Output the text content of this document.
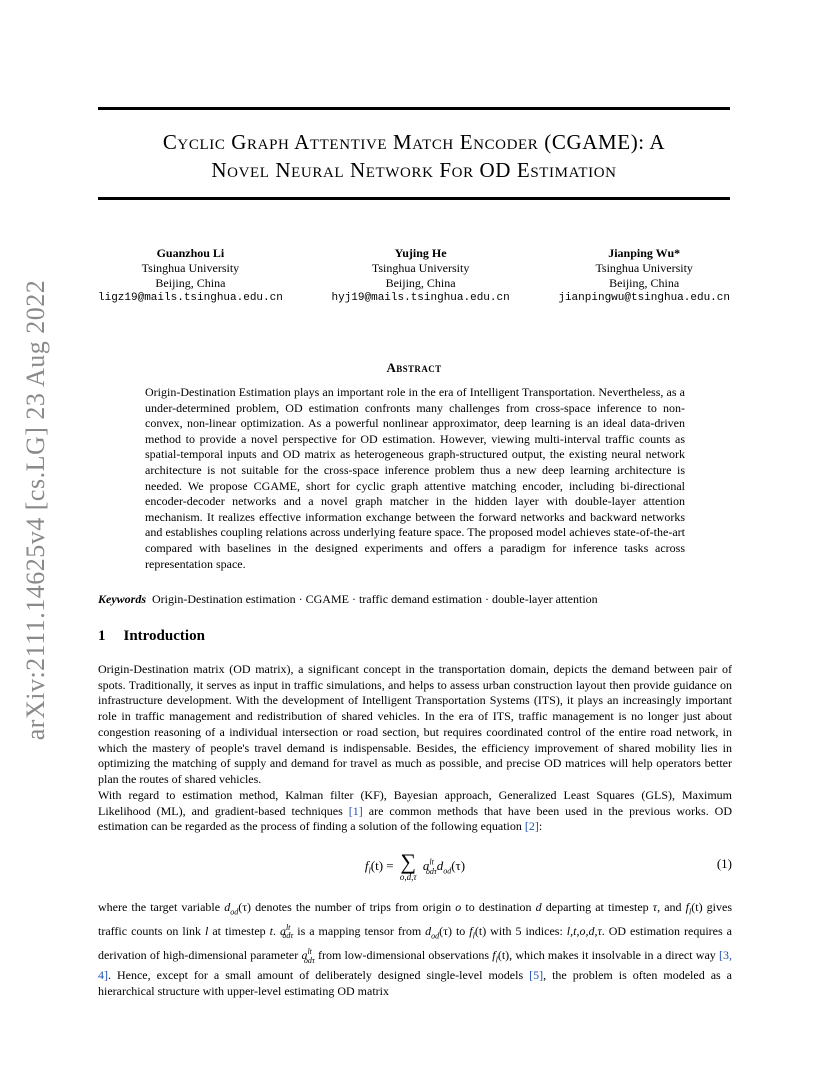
arXiv:2111.14625v4 [cs.LG] 23 Aug 2022
Cyclic Graph Attentive Match Encoder (CGAME): A
Novel Neural Network For OD Estimation
Guanzhou Li
Tsinghua University
Beijing, China
ligz19@mails.tsinghua.edu.cn
Yujing He
Tsinghua University
Beijing, China
hyj19@mails.tsinghua.edu.cn
Jianping Wu*
Tsinghua University
Beijing, China
jianpingwu@tsinghua.edu.cn
Abstract
Origin-Destination Estimation plays an important role in the era of Intelligent Transportation. Nevertheless, as a under-determined problem, OD estimation confronts many challenges from cross-space inference to non-convex, non-linear optimization. As a powerful nonlinear approximator, deep learning is an ideal data-driven method to provide a novel perspective for OD estimation. However, viewing multi-interval traffic counts as spatial-temporal inputs and OD matrix as heterogeneous graph-structured output, the existing neural network architecture is not suitable for the cross-space inference problem thus a new deep learning architecture is needed. We propose CGAME, short for cyclic graph attentive matching encoder, including bi-directional encoder-decoder networks and a novel graph matcher in the hidden layer with double-layer attention mechanism. It realizes effective information exchange between the forward networks and backward networks and establishes coupling relations across underlying feature space. The proposed model achieves state-of-the-art compared with baselines in the designed experiments and offers a paradigm for inference tasks across representation space.
Keywords Origin-Destination estimation · CGAME · traffic demand estimation · double-layer attention
1 Introduction
Origin-Destination matrix (OD matrix), a significant concept in the transportation domain, depicts the demand between pair of spots. Traditionally, it serves as input in traffic simulations, and helps to assess urban construction layout then provide guidance on infrastructure development. With the development of Intelligent Transportation Systems (ITS), it plays an increasingly important role in traffic management and redistribution of shared vehicles. In the era of ITS, traffic management is no longer just about congestion reasoning of a individual intersection or road section, but requires coordinated control of the entire road network, in which the mastery of people's travel demand is indispensable. Besides, the efficiency improvement of shared mobility lies in optimizing the matching of supply and demand for travel as much as possible, and precise OD matrices will help operators better plan the routes of shared vehicles.
With regard to estimation method, Kalman filter (KF), Bayesian approach, Generalized Least Squares (GLS), Maximum Likelihood (ML), and gradient-based techniques [1] are common methods that have been used in the previous works. OD estimation can be regarded as the process of finding a solution of the following equation [2]:
$f_l(t)$ = ∑
o,d,τ
$a^{lt}_{od\tau}d_{od}(\tau)$	(1)
where the target variable $d_{od}(\tau)$ denotes the number of trips from origin o to destination d departing at timestep τ, and $f_l(t)$ gives traffic counts on link l at timestep t. $a^{lt}_{od\tau}$ is a mapping tensor from $d_{od}(\tau)$ to $f_l(t)$ with 5 indices: l,t,o,d,τ. OD estimation requires a derivation of high-dimensional parameter $a^{lt}_{od\tau}$ from low-dimensional observations $f_l(t)$, which makes it insolvable in a direct way [3, 4]. Hence, except for a small amount of deliberately designed single-level models [5], the problem is often modeled as a hierarchical structure with upper-level estimating OD matrix
